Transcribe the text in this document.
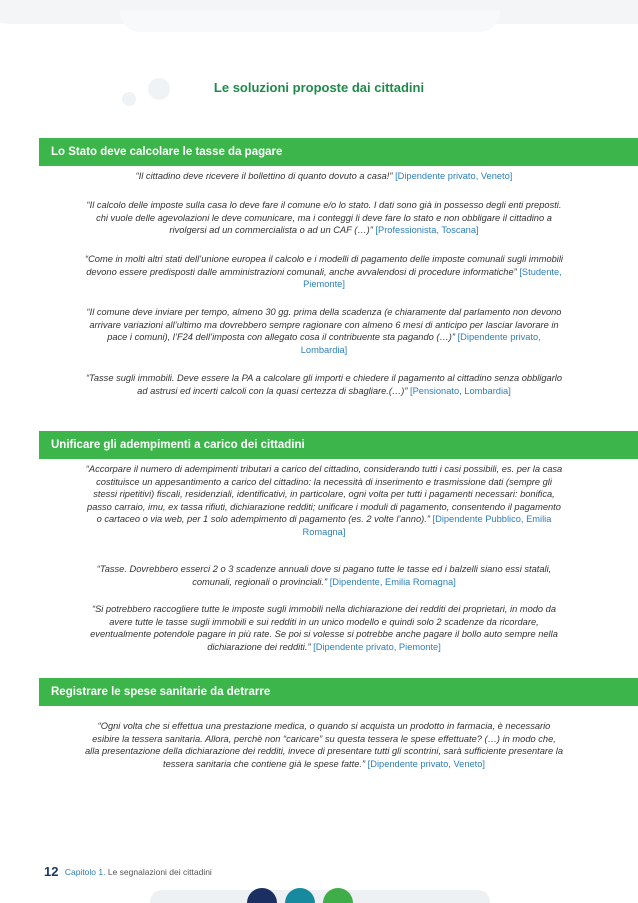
Le soluzioni proposte dai cittadini
Lo Stato deve calcolare le tasse da pagare
“Il cittadino deve ricevere il bollettino di quanto dovuto a casa!” [Dipendente privato, Veneto]
“Il calcolo delle imposte sulla casa lo deve fare il comune e/o lo stato. I dati sono già in possesso degli enti preposti. chi vuole delle agevolazioni le deve comunicare, ma i conteggi li deve fare lo stato e non obbligare il cittadino a rivolgersi ad un commercialista o ad un CAF (…)” [Professionista, Toscana]
“Come in molti altri stati dell’unione europea il calcolo e i modelli di pagamento delle imposte comunali sugli immobili devono essere predisposti dalle amministrazioni comunali, anche avvalendosi di procedure informatiche” [Studente, Piemonte]
“Il comune deve inviare per tempo, almeno 30 gg. prima della scadenza (e chiaramente dal parlamento non devono arrivare variazioni all’ultimo ma dovrebbero sempre ragionare con almeno 6 mesi di anticipo per lasciar lavorare in pace i comuni), l’F24 dell’imposta con allegato cosa il contribuente sta pagando (…)” [Dipendente privato, Lombardia]
“Tasse sugli immobili. Deve essere la PA a calcolare gli importi e chiedere il pagamento al cittadino senza obbligarlo ad astrusi ed incerti calcoli con la quasi certezza di sbagliare.(…)” [Pensionato, Lombardia]
Unificare gli adempimenti a carico dei cittadini
“Accorpare il numero di adempimenti tributari a carico del cittadino, considerando tutti i casi possibili, es. per la casa costituisce un appesantimento a carico del cittadino: la necessità di inserimento e trasmissione dati (sempre gli stessi ripetitivi) fiscali, residenziali, identificativi, in particolare, ogni volta per tutti i pagamenti necessari: bonifica, passo carraio, imu, ex tassa rifiuti, dichiarazione redditi; unificare i moduli di pagamento, consentendo il pagamento o cartaceo o via web, per 1 solo adempimento di pagamento (es. 2 volte l’anno).” [Dipendente Pubblico, Emilia Romagna]
“Tasse. Dovrebbero esserci 2 o 3 scadenze annuali dove si pagano tutte le tasse ed i balzelli siano essi statali, comunali, regionali o provinciali.” [Dipendente, Emilia Romagna]
“Si potrebbero raccogliere tutte le imposte sugli immobili nella dichiarazione dei redditi dei proprietari, in modo da avere tutte le tasse sugli immobili e sui redditi in un unico modello e quindi solo 2 scadenze da ricordare, eventualmente potendole pagare in più rate. Se poi si volesse si potrebbe anche pagare il bollo auto sempre nella dichiarazione dei redditi.” [Dipendente privato, Piemonte]
Registrare le spese sanitarie da detrarre
“Ogni volta che si effettua una prestazione medica, o quando si acquista un prodotto in farmacia, è necessario esibire la tessera sanitaria. Allora, perchè non “caricare” su questa tessera le spese effettuate? (…) in modo che, alla presentazione della dichiarazione dei redditi, invece di presentare tutti gli scontrini, sarà sufficiente presentare la tessera sanitaria che contiene già le spese fatte.” [Dipendente privato, Veneto]
12 Capitolo 1. Le segnalazioni dei cittadini
